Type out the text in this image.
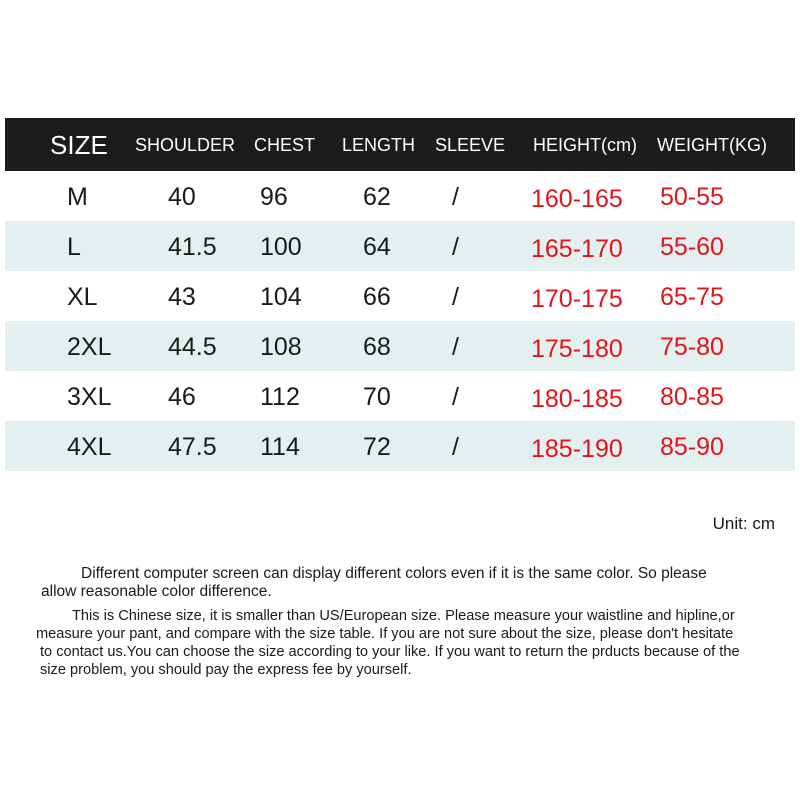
SIZE SHOULDER CHEST LENGTH SLEEVE HEIGHT(cm) WEIGHT(KG)
M	40	96	62 /	160-165 50-55
L	41.5 100 64 /	165-170 55-60
XL	43	104 66 /	170-175 65-75
2XL 44.5 108 68 /	175-180 75-80
3XL 46	112	70 /	180-185 80-85
4XL 47.5 114	72 /	185-190 85-90
Unit: cm
Different computer screen can display different colors even if it is the same color. So please
allow reasonable color difference.
This is Chinese size, it is smaller than US/European size. Please measure your waistline and hipline,or
measure your pant, and compare with the size table. If you are not sure about the size, please don't hesitate
to contact us.You can choose the size according to your like. If you want to return the prducts because of the
size problem, you should pay the express fee by yourself.
